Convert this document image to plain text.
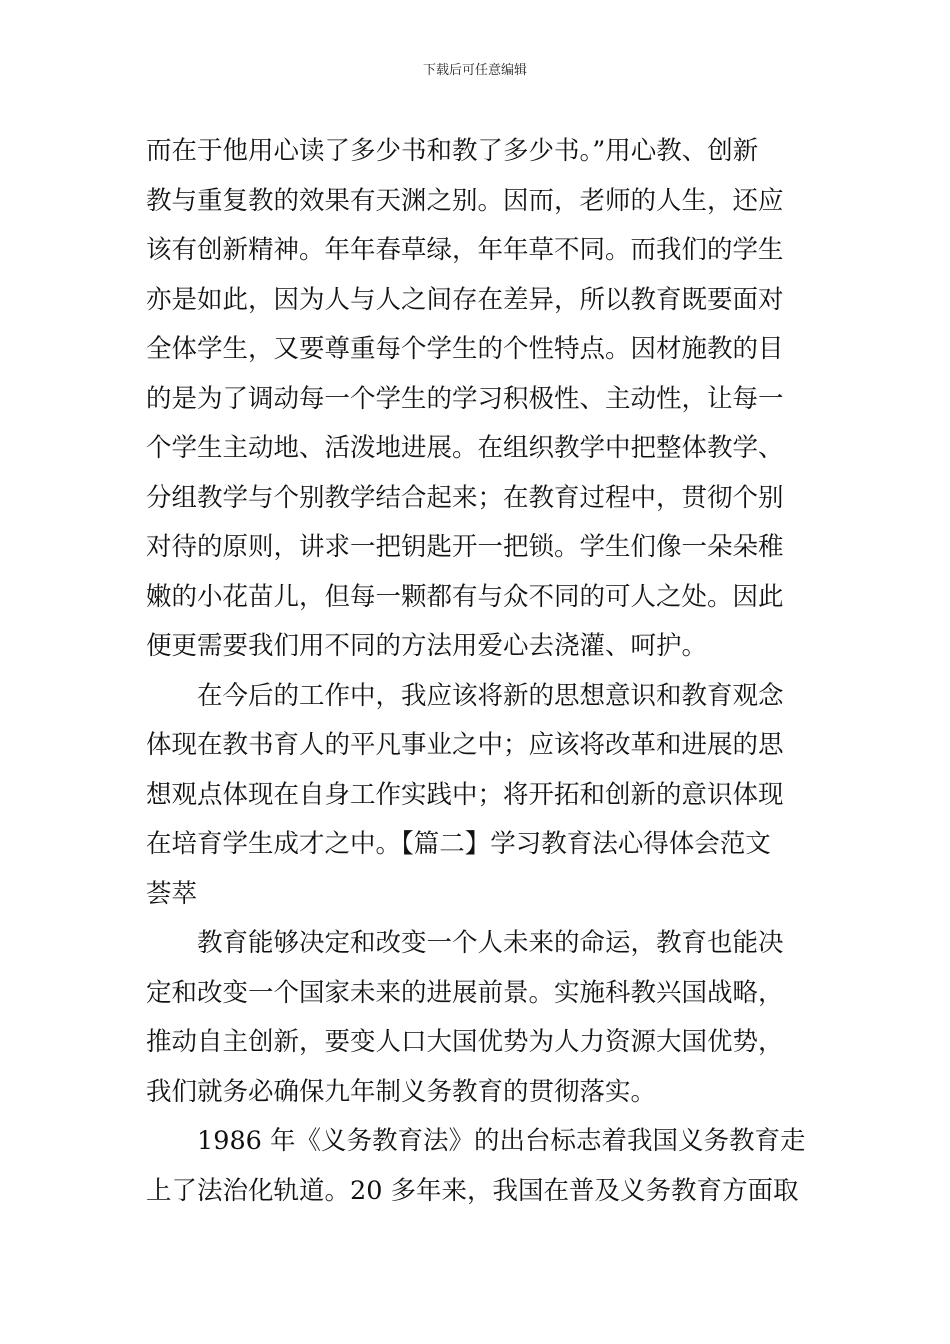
下载后可任意编辑
而在于他用心读了多少书和教了多少书。”用心教、创新
教与重复教的效果有天渊之别。因而，老师的人生，还应
该有创新精神。年年春草绿，年年草不同。而我们的学生
亦是如此，因为人与人之间存在差异，所以教育既要面对
全体学生，又要尊重每个学生的个性特点。因材施教的目
的是为了调动每一个学生的学习积极性、主动性，让每一
个学生主动地、活泼地进展。在组织教学中把整体教学、
分组教学与个别教学结合起来；在教育过程中，贯彻个别
对待的原则，讲求一把钥匙开一把锁。学生们像一朵朵稚
嫩的小花苗儿，但每一颗都有与众不同的可人之处。因此
便更需要我们用不同的方法用爱心去浇灌、呵护。
在今后的工作中，我应该将新的思想意识和教育观念
体现在教书育人的平凡事业之中；应该将改革和进展的思
想观点体现在自身工作实践中；将开拓和创新的意识体现
在培育学生成才之中。【篇二】学习教育法心得体会范文
荟萃
教育能够决定和改变一个人未来的命运，教育也能决
定和改变一个国家未来的进展前景。实施科教兴国战略，
推动自主创新，要变人口大国优势为人力资源大国优势，
我们就务必确保九年制义务教育的贯彻落实。
1986 年《义务教育法》的出台标志着我国义务教育走
上了法治化轨道。20 多年来，我国在普及义务教育方面取
